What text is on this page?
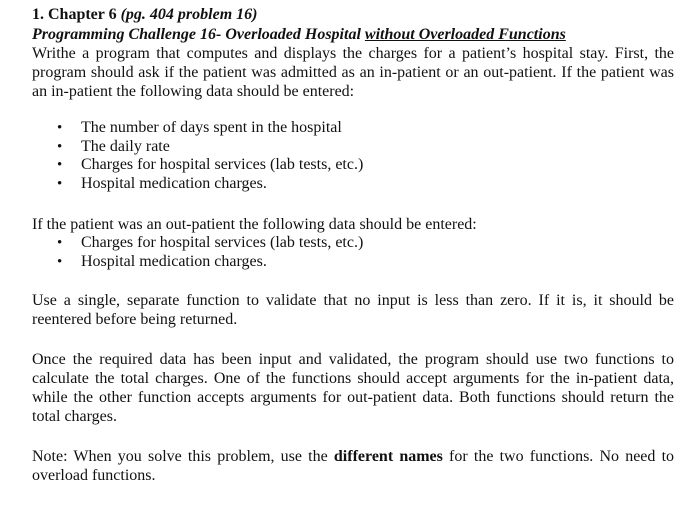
1. Chapter 6 (pg. 404 problem 16)
Programming Challenge 16- Overloaded Hospital without Overloaded Functions

Writhe a program that computes and displays the charges for a patient’s hospital stay. First, the program should ask if the patient was admitted as an in-patient or an out-patient. If the patient was an in-patient the following data should be entered:

• The number of days spent in the hospital
• The daily rate
• Charges for hospital services (lab tests, etc.)
• Hospital medication charges.

If the patient was an out-patient the following data should be entered:

• Charges for hospital services (lab tests, etc.)
• Hospital medication charges.

Use a single, separate function to validate that no input is less than zero. If it is, it should be reentered before being returned.

Once the required data has been input and validated, the program should use two functions to calculate the total charges. One of the functions should accept arguments for the in-patient data, while the other function accepts arguments for out-patient data. Both functions should return the total charges.

Note: When you solve this problem, use the different names for the two functions. No need to overload functions.
